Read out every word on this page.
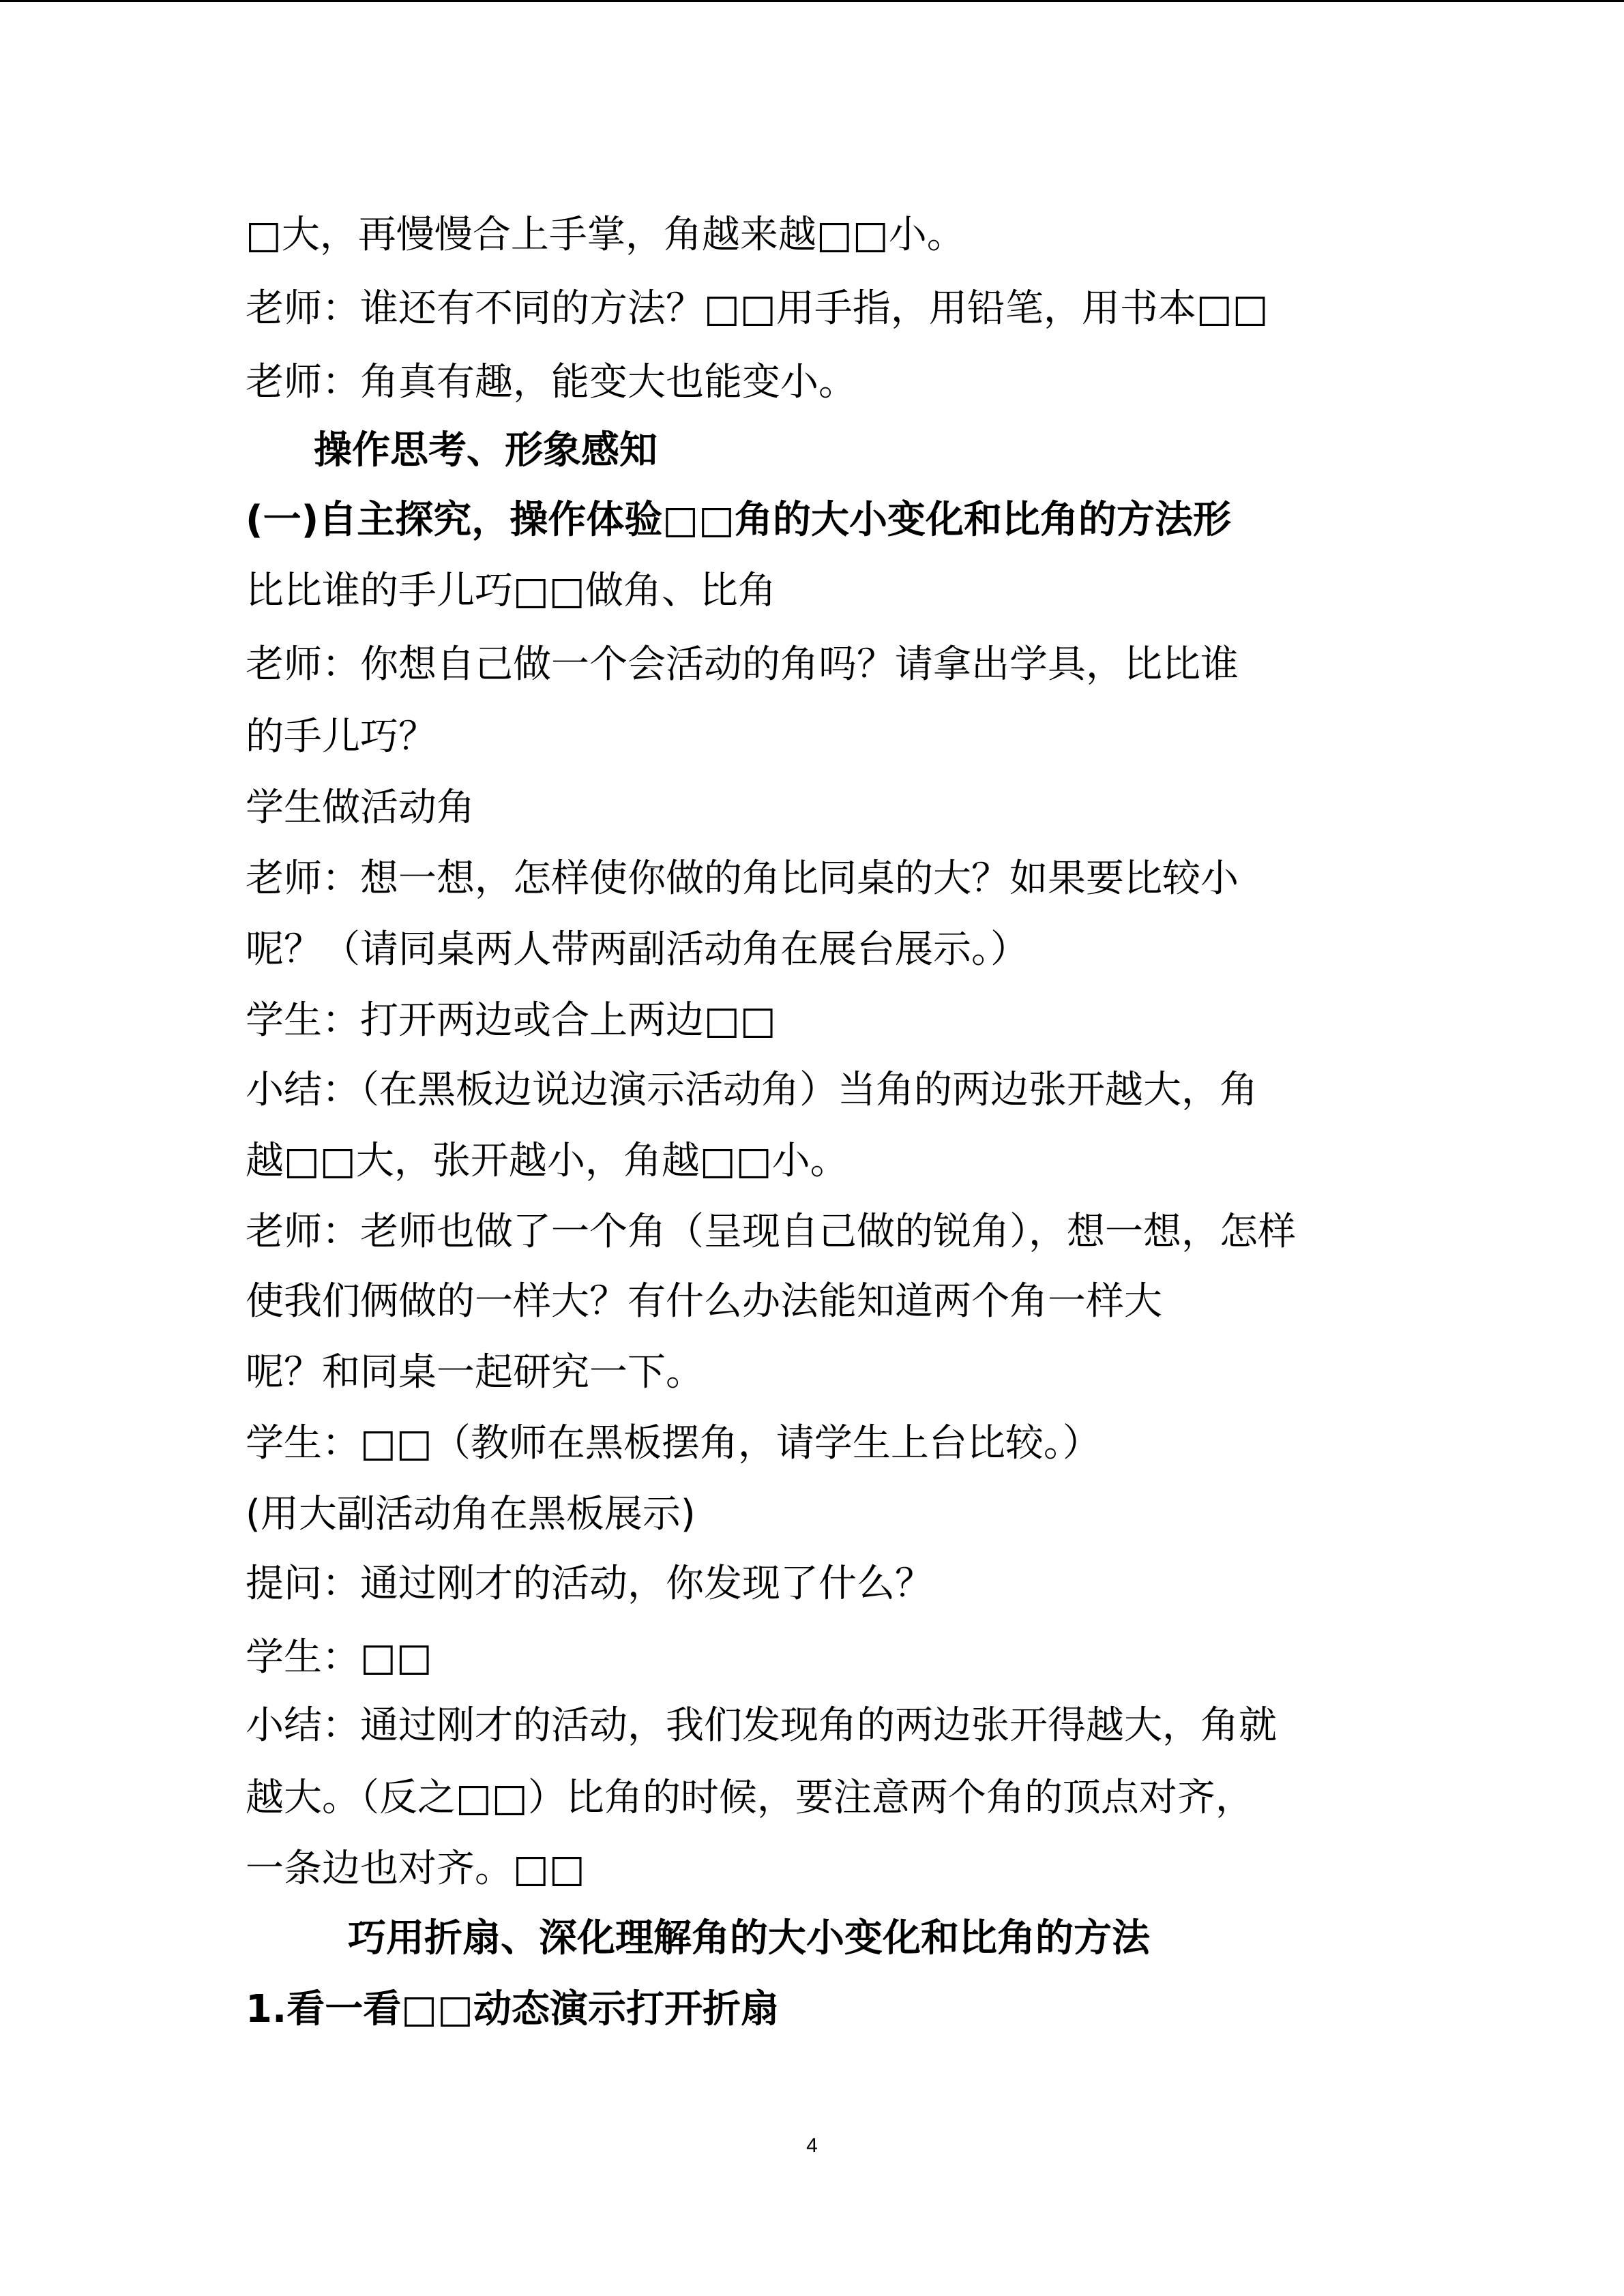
□大，再慢慢合上手掌，角越来越□□小。
老师：谁还有不同的方法？□□用手指，用铅笔，用书本□□
老师：角真有趣，能变大也能变小。
操作思考、形象感知
(一)自主探究，操作体验□□角的大小变化和比角的方法形
比比谁的手儿巧□□做角、比角
老师：你想自己做一个会活动的角吗？请拿出学具，比比谁
的手儿巧？
学生做活动角
老师：想一想，怎样使你做的角比同桌的大？如果要比较小
呢？（请同桌两人带两副活动角在展台展示。）
学生：打开两边或合上两边□□
小结：（在黑板边说边演示活动角）当角的两边张开越大，角
越□□大，张开越小，角越□□小。
老师：老师也做了一个角（呈现自己做的锐角），想一想，怎样
使我们俩做的一样大？有什么办法能知道两个角一样大
呢？和同桌一起研究一下。
学生：□□（教师在黑板摆角，请学生上台比较。）
(用大副活动角在黑板展示)
提问：通过刚才的活动，你发现了什么？
学生：□□
小结：通过刚才的活动，我们发现角的两边张开得越大，角就
越大。（反之□□）比角的时候，要注意两个角的顶点对齐，
一条边也对齐。□□
巧用折扇、深化理解角的大小变化和比角的方法
1.看一看□□动态演示打开折扇
4
